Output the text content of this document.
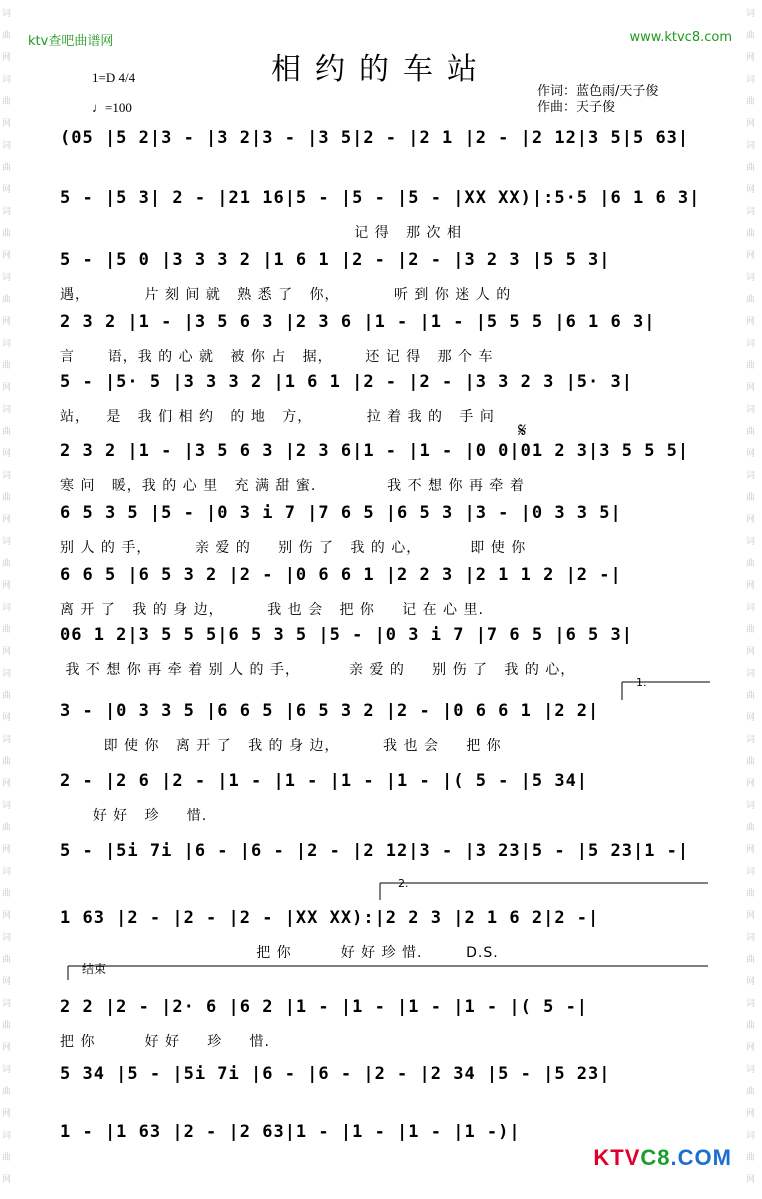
词
曲
网
词
曲
网
词
曲
网
词
曲
网
词
曲
网
词
曲
网
词
曲
网
词
曲
网
词
曲
网
词
曲
网
词
曲
网
词
曲
网
词
曲
网
词
曲
网
词
曲
网
词
曲
网
词
曲
网
词
曲
网
词
曲
网
词
曲
网
词
曲
网
词
曲
网
词
曲
网
词
曲
网
词
曲
网
词
曲
网
词
曲
网
词
曲
网
词
曲
网
词
曲
网
词
曲
网
词
曲
网
词
曲
网
词
曲
网
词
曲
网
词
曲
网
ktv查吧曲谱网	www.ktvc8.com
相约的车站
1=D 4/4
♩=100
作词：蓝色雨/天子俊
作曲：天子俊
(05 |5 2|3 - |3 2|3 - |3 5|2 - |2 1 |2 - |2 12|3 5|5 63|
5 - |5 3| 2 - |21 16|5 - |5 - |5 - |XX XX)|:5·5 |6 1 6 3|
记 得   那 次 相
5 - |5 0 |3 3 3 2 |1 6 1 |2 - |2 - |3 2 3 |5 5 3|
遇，          片 刻 间 就   熟 悉 了   你，          听 到 你 迷 人 的
2 3 2 |1 - |3 5 6 3 |2 3 6 |1 - |1 - |5 5 5 |6 1 6 3|
言      语，我 的 心 就   被 你 占   据，      还 记 得   那 个 车
5 - |5· 5 |3 3 3 2 |1 6 1 |2 - |2 - |3 3 2 3 |5· 3|
站，   是   我 们 相 约   的 地   方，          拉 着 我 的   手 问
2 3 2 |1 - |3 5 6 3 |2 3 6|1 - |1 - |0 0|01 2 3|3 5 5 5|
寒 问   暖，我 的 心 里   充 满 甜 蜜.             我 不 想 你 再 牵 着
6 5 3 5 |5 - |0 3 i 7 |7 6 5 |6 5 3 |3 - |0 3 3 5|
别 人 的 手，        亲 爱 的     别 伤 了   我 的 心，         即 使 你
6 6 5 |6 5 3 2 |2 - |0 6 6 1 |2 2 3 |2 1 1 2 |2 -|
离 开 了   我 的 身 边，        我 也 会   把 你     记 在 心 里.
06 1 2|3 5 5 5|6 5 3 5 |5 - |0 3 i 7 |7 6 5 |6 5 3|
我 不 想 你 再 牵 着 别 人 的 手，         亲 爱 的     别 伤 了   我 的 心，
3 - |0 3 3 5 |6 6 5 |6 5 3 2 |2 - |0 6 6 1 |2 2|
即 使 你   离 开 了   我 的 身 边，        我 也 会     把 你
2 - |2 6 |2 - |1 - |1 - |1 - |1 - |( 5 - |5 34|
好 好   珍     惜.
5 - |5i 7i |6 - |6 - |2 - |2 12|3 - |3 23|5 - |5 23|1 -|
1 63 |2 - |2 - |2 - |XX XX):|2 2 3 |2 1 6 2|2 -|
把 你         好 好 珍 惜.        D.S.
2 2 |2 - |2· 6 |6 2 |1 - |1 - |1 - |1 - |( 5 -|
把 你         好 好     珍     惜.
5 34 |5 - |5i 7i |6 - |6 - |2 - |2 34 |5 - |5 23|
1 - |1 63 |2 - |2 63|1 - |1 - |1 - |1 -)|
𝄋
1.
2.
结束
KTVC8.COM
